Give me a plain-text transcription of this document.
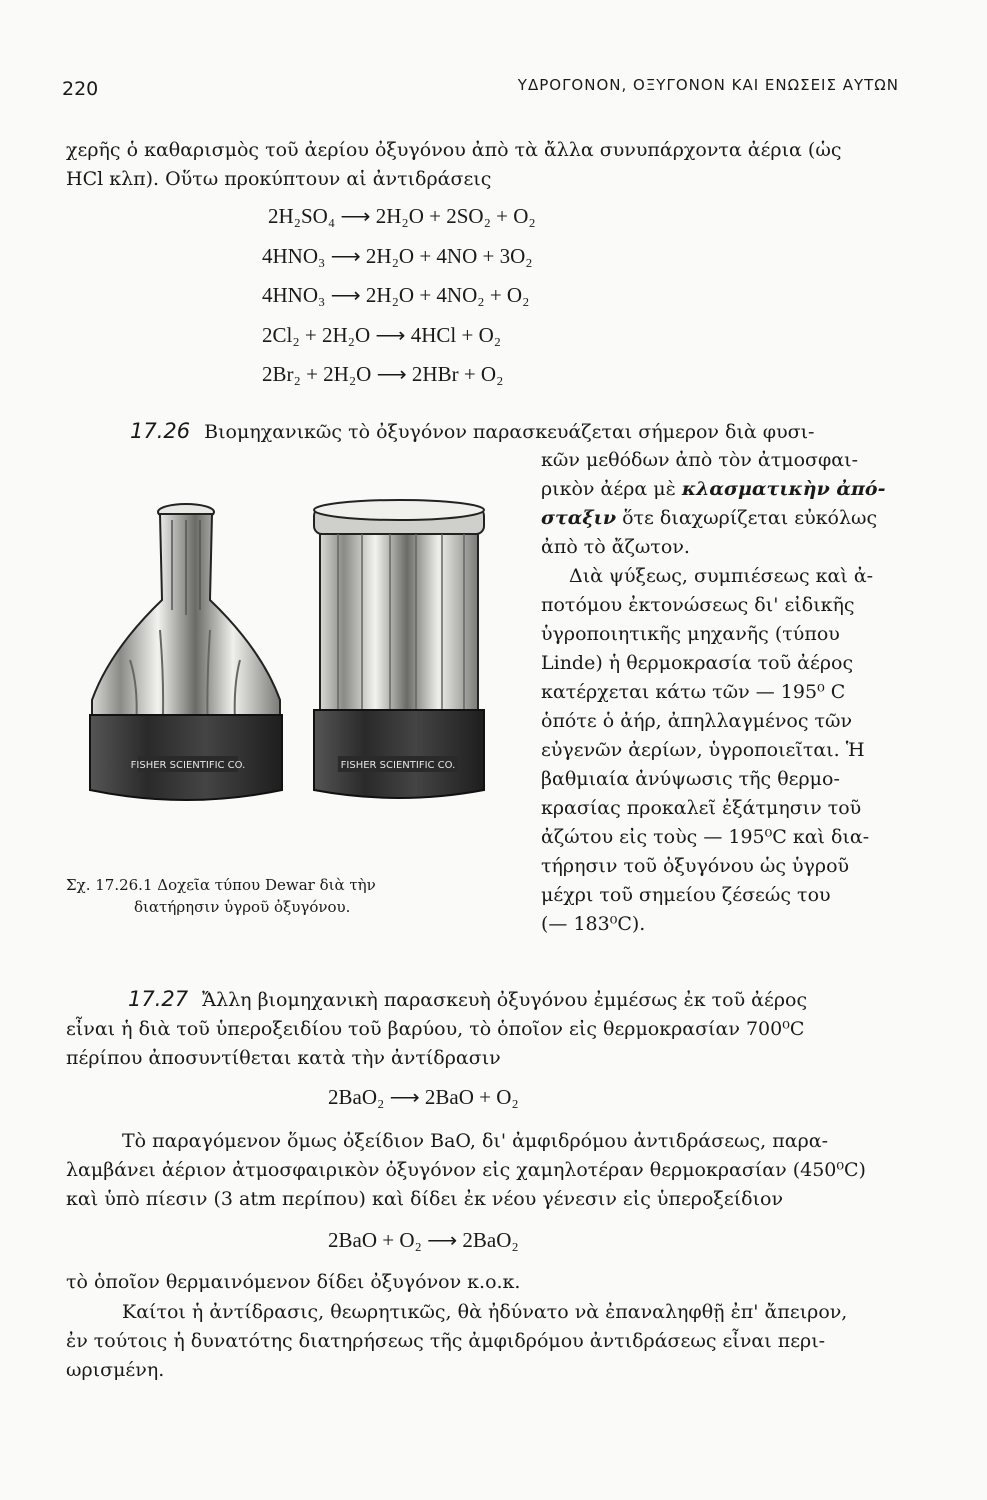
220	ΥΔΡΟΓΟΝΟΝ, ΟΞΥΓΟΝΟΝ ΚΑΙ ΕΝΩΣΕΙΣ ΑΥΤΩΝ
χερῆς ὁ καθαρισμὸς τοῦ ἀερίου ὀξυγόνου ἀπὸ τὰ ἄλλα συνυπάρχοντα ἀέρια (ὡς
HCl κλπ). Οὕτω προκύπτουν αἱ ἀντιδράσεις
2H₂SO₄ ⟶ 2H₂O + 2SO₂ + O₂
4HNO₃ ⟶ 2H₂O + 4NO + 3O₂
4HNO₃ ⟶ 2H₂O + 4NO₂ + O₂
2Cl₂ + 2H₂O ⟶ 4HCl + O₂
2Br₂ + 2H₂O ⟶ 2HBr + O₂
17.26 Βιομηχανικῶς τὸ ὀξυγόνον παρασκευάζεται σήμερον διὰ φυσι-
κῶν μεθόδων ἀπὸ τὸν ἀτμοσφαι-
ρικὸν ἀέρα μὲ κλασματικὴν ἀπό-
σταξιν ὅτε διαχωρίζεται εὐκόλως
ἀπὸ τὸ ἄζωτον.
Διὰ ψύξεως, συμπιέσεως καὶ ἀ-
ποτόμου ἐκτονώσεως δι' εἰδικῆς
ὑγροποιητικῆς μηχανῆς (τύπου
Linde) ἡ θερμοκρασία τοῦ ἀέρος
κατέρχεται κάτω τῶν — 195⁰ C
ὁπότε ὁ ἀήρ, ἀπηλλαγμένος τῶν
εὐγενῶν ἀερίων, ὑγροποιεῖται. Ἡ
βαθμιαία ἀνύψωσις τῆς θερμο-
κρασίας προκαλεῖ ἐξάτμησιν τοῦ
ἀζώτου εἰς τοὺς — 195⁰C καὶ δια-
τήρησιν τοῦ ὀξυγόνου ὡς ὑγροῦ
μέχρι τοῦ σημείου ζέσεώς του
(— 183⁰C).
FISHER SCIENTIFIC CO.	FISHER SCIENTIFIC CO.
Σχ. 17.26.1 Δοχεῖα τύπου Dewar διὰ τὴν
διατήρησιν ὑγροῦ ὀξυγόνου.
17.27 Ἄλλη βιομηχανικὴ παρασκευὴ ὀξυγόνου ἐμμέσως ἐκ τοῦ ἀέρος
εἶναι ἡ διὰ τοῦ ὑπεροξειδίου τοῦ βαρύου, τὸ ὁποῖον εἰς θερμοκρασίαν 700⁰C
πέρίπου ἀποσυντίθεται κατὰ τὴν ἀντίδρασιν
2BaO₂ ⟶ 2BaO + O₂
Τὸ παραγόμενον ὅμως ὀξείδιον BaO, δι' ἀμφιδρόμου ἀντιδράσεως, παρα-
λαμβάνει ἀέριον ἀτμοσφαιρικὸν ὀξυγόνον εἰς χαμηλοτέραν θερμοκρασίαν (450⁰C)
καὶ ὑπὸ πίεσιν (3 atm περίπου) καὶ δίδει ἐκ νέου γένεσιν εἰς ὑπεροξείδιον
2BaO + O₂ ⟶ 2BaO₂
τὸ ὁποῖον θερμαινόμενον δίδει ὀξυγόνον κ.ο.κ.
Καίτοι ἡ ἀντίδρασις, θεωρητικῶς, θὰ ἠδύνατο νὰ ἐπαναληφθῇ ἐπ' ἄπειρον,
ἐν τούτοις ἡ δυνατότης διατηρήσεως τῆς ἀμφιδρόμου ἀντιδράσεως εἶναι περι-
ωρισμένη.
